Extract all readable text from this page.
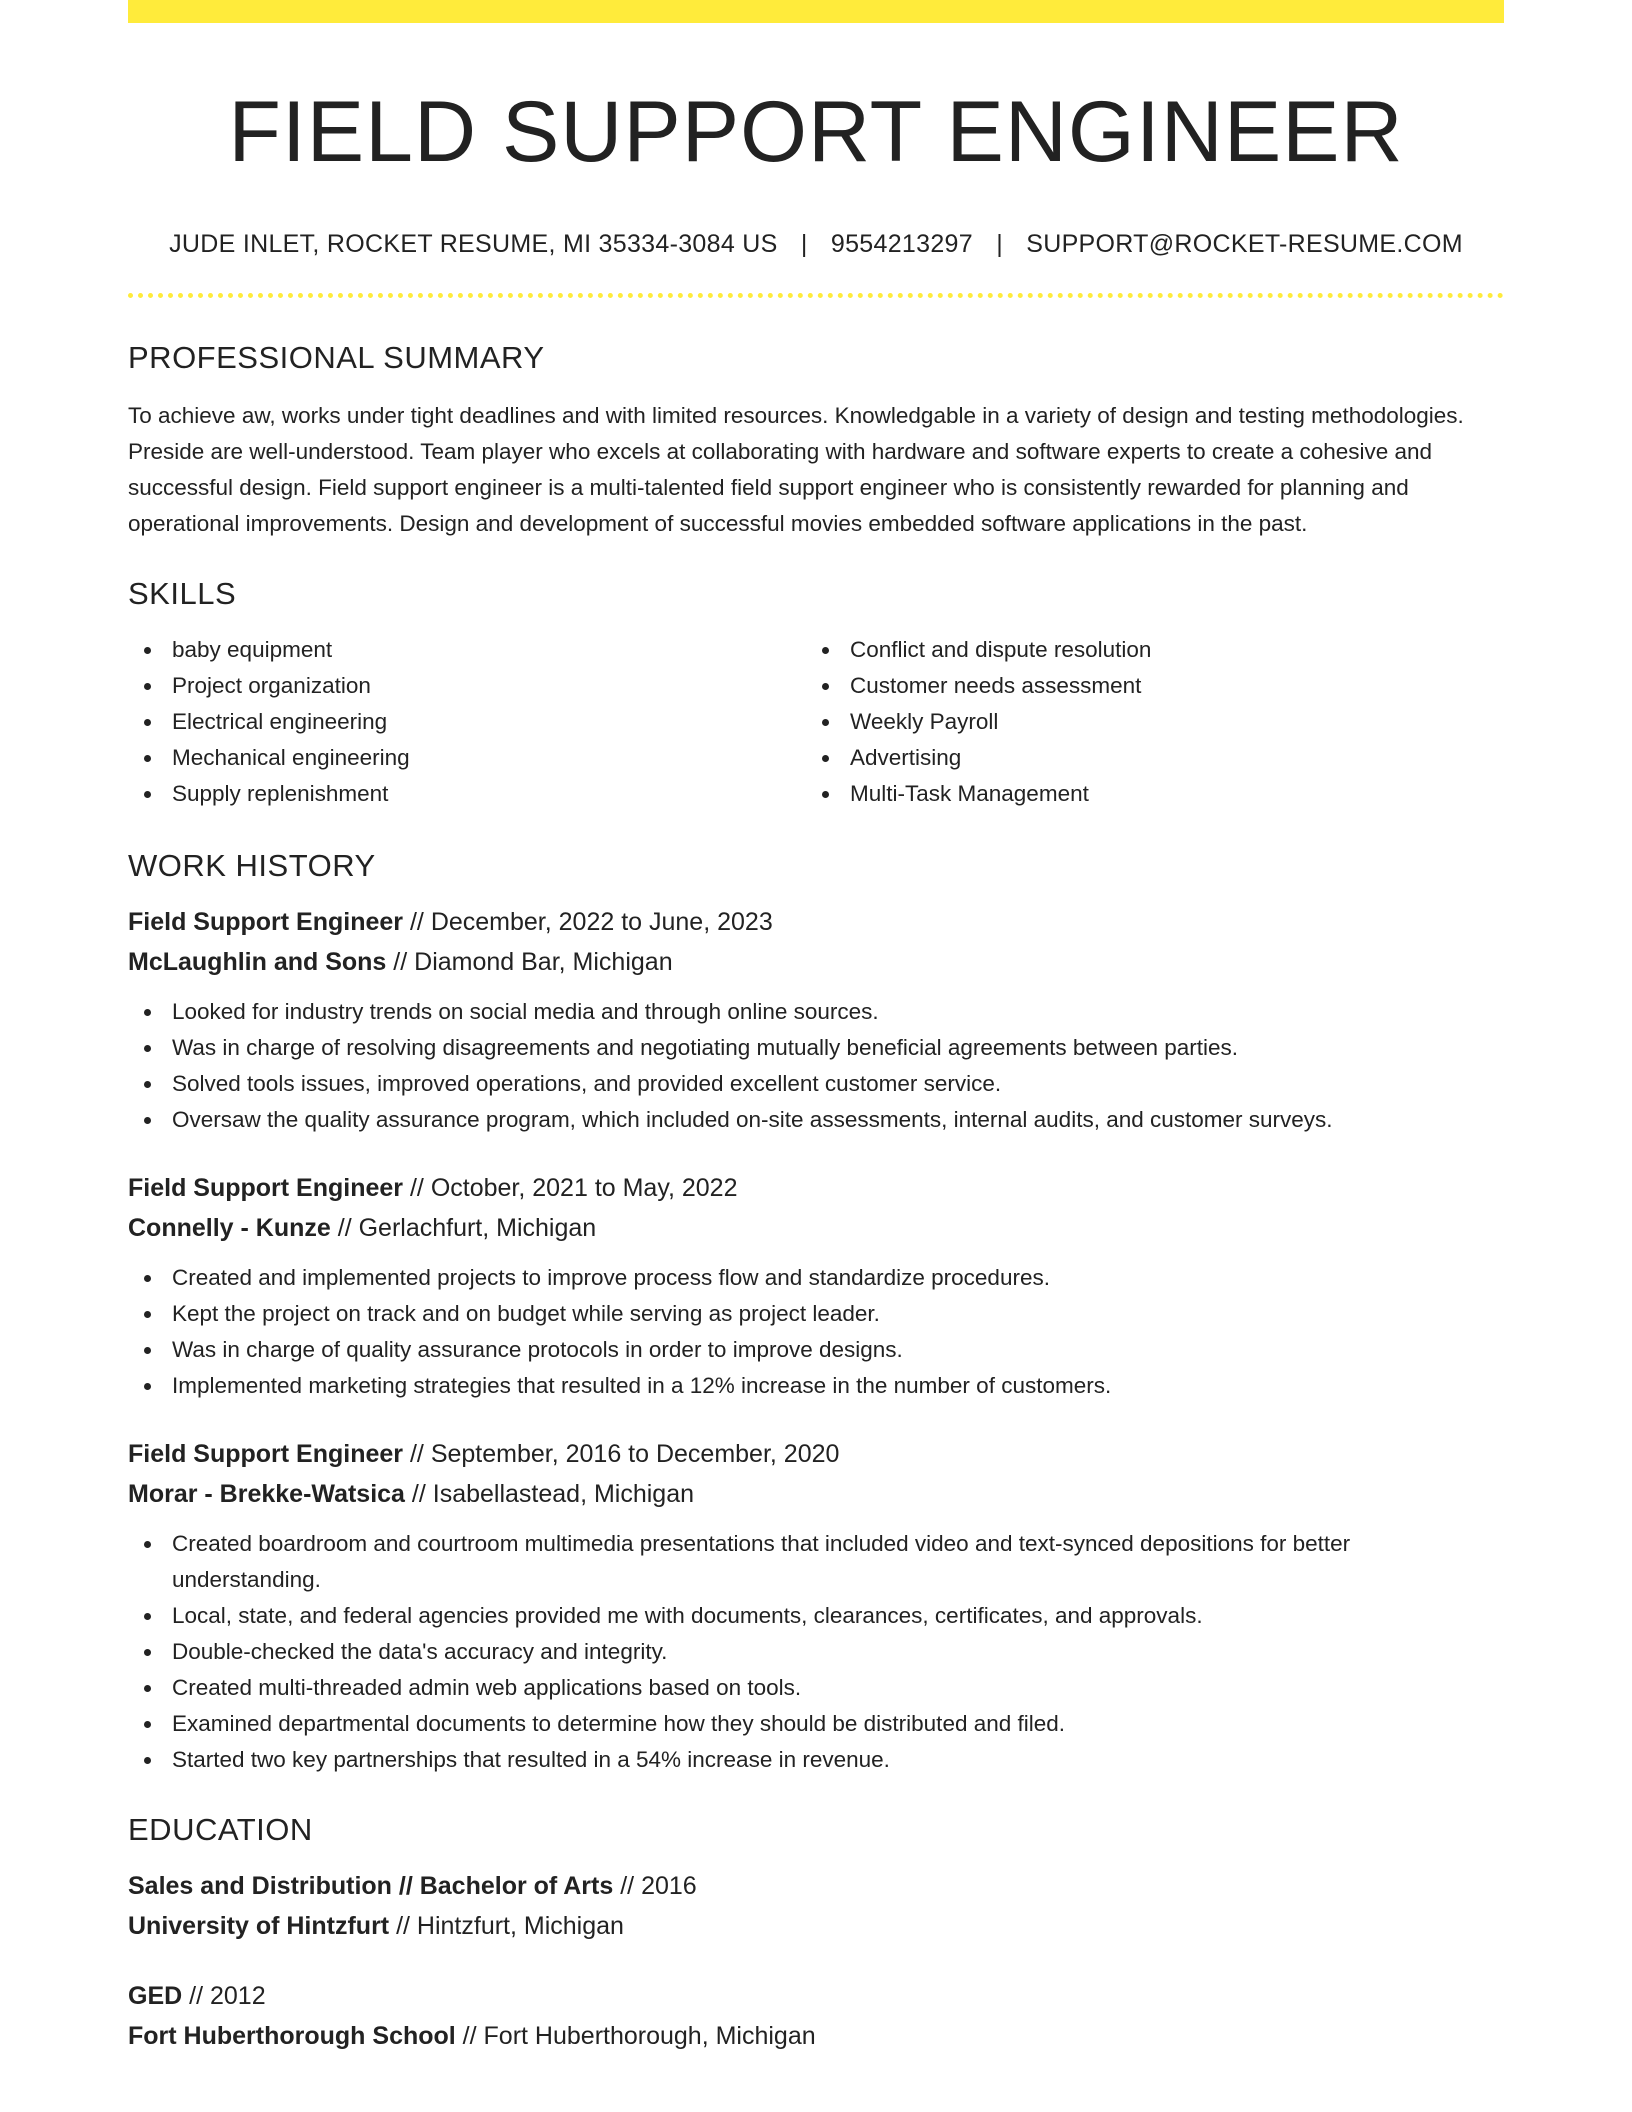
FIELD SUPPORT ENGINEER
JUDE INLET, ROCKET RESUME, MI 35334-3084 US | 9554213297 | SUPPORT@ROCKET-RESUME.COM
PROFESSIONAL SUMMARY

To achieve aw, works under tight deadlines and with limited resources. Knowledgable in a variety of design and testing methodologies. Preside are well-understood. Team player who excels at collaborating with hardware and software experts to create a cohesive and successful design. Field support engineer is a multi-talented field support engineer who is consistently rewarded for planning and operational improvements. Design and development of successful movies embedded software applications in the past.

SKILLS
baby equipment
Project organization
Electrical engineering
Mechanical engineering
Supply replenishment
Conflict and dispute resolution
Customer needs assessment
Weekly Payroll
Advertising
Multi-Task Management
WORK HISTORY
Field Support Engineer // December, 2022 to June, 2023
McLaughlin and Sons // Diamond Bar, Michigan
Looked for industry trends on social media and through online sources.
Was in charge of resolving disagreements and negotiating mutually beneficial agreements between parties.
Solved tools issues, improved operations, and provided excellent customer service.
Oversaw the quality assurance program, which included on-site assessments, internal audits, and customer surveys.
Field Support Engineer // October, 2021 to May, 2022
Connelly - Kunze // Gerlachfurt, Michigan
Created and implemented projects to improve process flow and standardize procedures.
Kept the project on track and on budget while serving as project leader.
Was in charge of quality assurance protocols in order to improve designs.
Implemented marketing strategies that resulted in a 12% increase in the number of customers.
Field Support Engineer // September, 2016 to December, 2020
Morar - Brekke-Watsica // Isabellastead, Michigan
Created boardroom and courtroom multimedia presentations that included video and text-synced depositions for better understanding.
Local, state, and federal agencies provided me with documents, clearances, certificates, and approvals.
Double-checked the data's accuracy and integrity.
Created multi-threaded admin web applications based on tools.
Examined departmental documents to determine how they should be distributed and filed.
Started two key partnerships that resulted in a 54% increase in revenue.
EDUCATION
Sales and Distribution // Bachelor of Arts // 2016
University of Hintzfurt // Hintzfurt, Michigan
GED // 2012
Fort Huberthorough School // Fort Huberthorough, Michigan
